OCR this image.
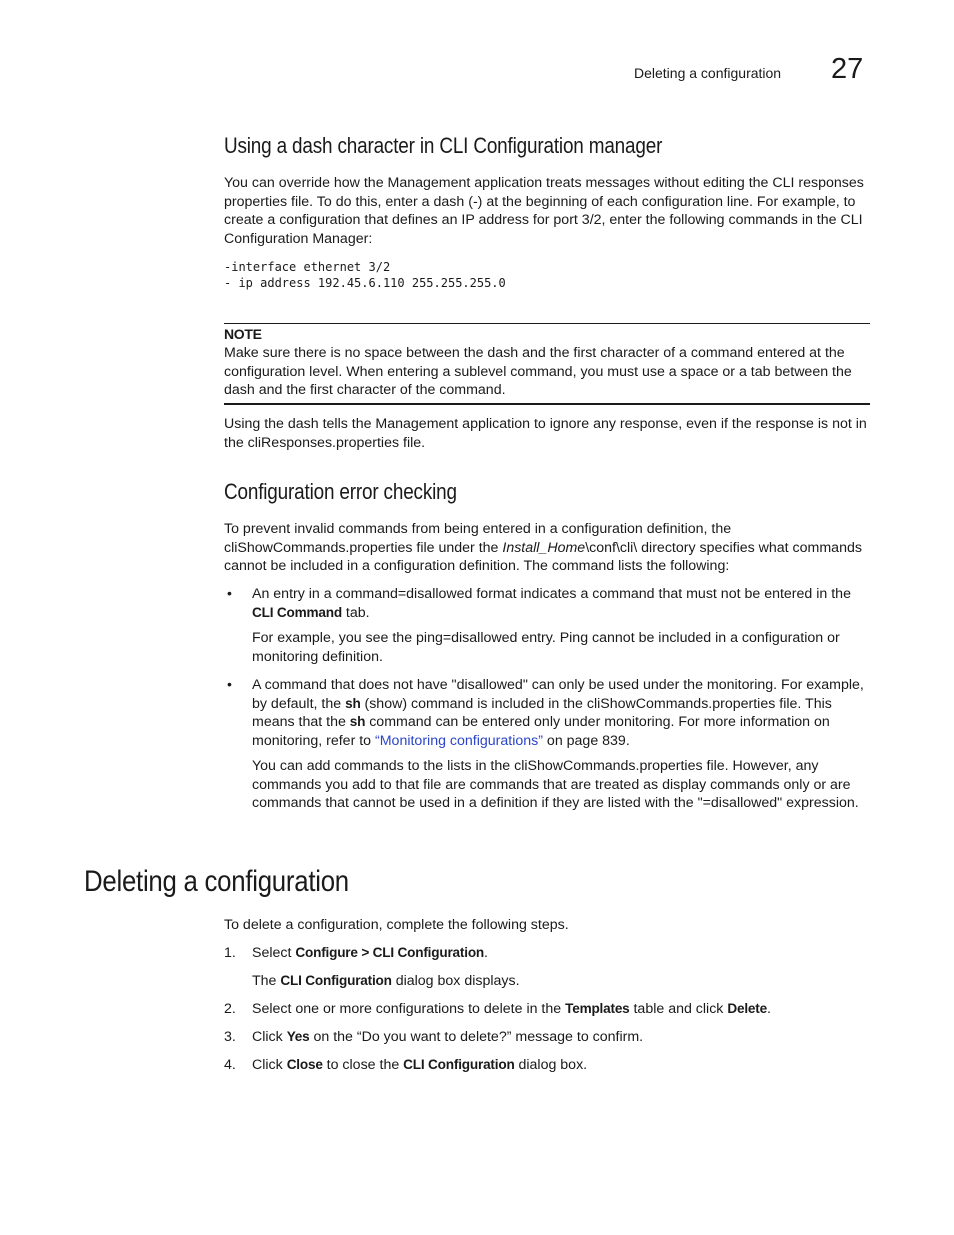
Deleting a configuration 27
Using a dash character in CLI Configuration manager

You can override how the Management application treats messages without editing the CLI responses properties file. To do this, enter a dash (-) at the beginning of each configuration line. For example, to create a configuration that defines an IP address for port 3/2, enter the following commands in the CLI Configuration Manager:

-interface ethernet 3/2
- ip address 192.45.6.110 255.255.255.0
NOTE

Make sure there is no space between the dash and the first character of a command entered at the configuration level. When entering a sublevel command, you must use a space or a tab between the dash and the first character of the command.

Using the dash tells the Management application to ignore any response, even if the response is not in the cliResponses.properties file.

Configuration error checking

To prevent invalid commands from being entered in a configuration definition, the cliShowCommands.properties file under the Install_Home\conf\cli\ directory specifies what commands cannot be included in a configuration definition. The command lists the following:

• An entry in a command=disallowed format indicates a command that must not be entered in the CLI Command tab.

For example, you see the ping=disallowed entry. Ping cannot be included in a configuration or monitoring definition.

• A command that does not have "disallowed" can only be used under the monitoring. For example, by default, the sh (show) command is included in the cliShowCommands.properties file. This means that the sh command can be entered only under monitoring. For more information on monitoring, refer to “Monitoring configurations” on page 839.

You can add commands to the lists in the cliShowCommands.properties file. However, any commands you add to that file are commands that are treated as display commands only or are commands that cannot be used in a definition if they are listed with the "=disallowed" expression.

Deleting a configuration

To delete a configuration, complete the following steps.

1. Select Configure > CLI Configuration.

The CLI Configuration dialog box displays.

2. Select one or more configurations to delete in the Templates table and click Delete.

3. Click Yes on the “Do you want to delete?” message to confirm.

4. Click Close to close the CLI Configuration dialog box.
